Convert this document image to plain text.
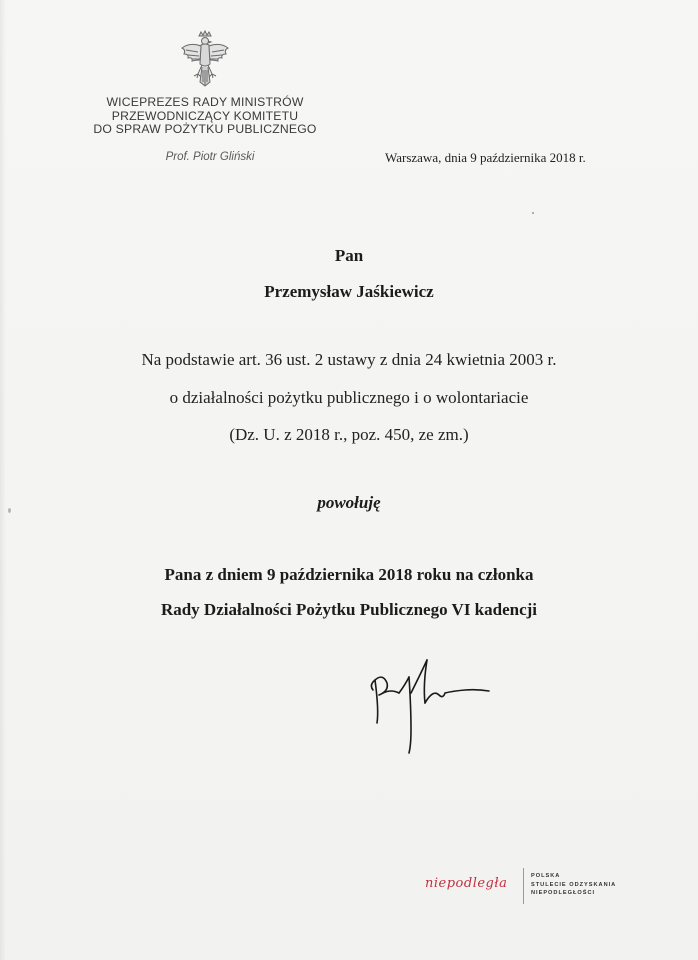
WICEPREZES RADY MINISTRÓW
PRZEWODNICZĄCY KOMITETU
DO SPRAW POŻYTKU PUBLICZNEGO
Prof. Piotr Gliński	Warszawa, dnia 9 października 2018 r.
Pan
Przemysław Jaśkiewicz
Na podstawie art. 36 ust. 2 ustawy z dnia 24 kwietnia 2003 r.
o działalności pożytku publicznego i o wolontariacie
(Dz. U. z 2018 r., poz. 450, ze zm.)
powołuję
Pana z dniem 9 października 2018 roku na członka
Rady Działalności Pożytku Publicznego VI kadencji
niepodległa	POLSKA
STULECIE ODZYSKANIA
NIEPODLEGŁOŚCI
